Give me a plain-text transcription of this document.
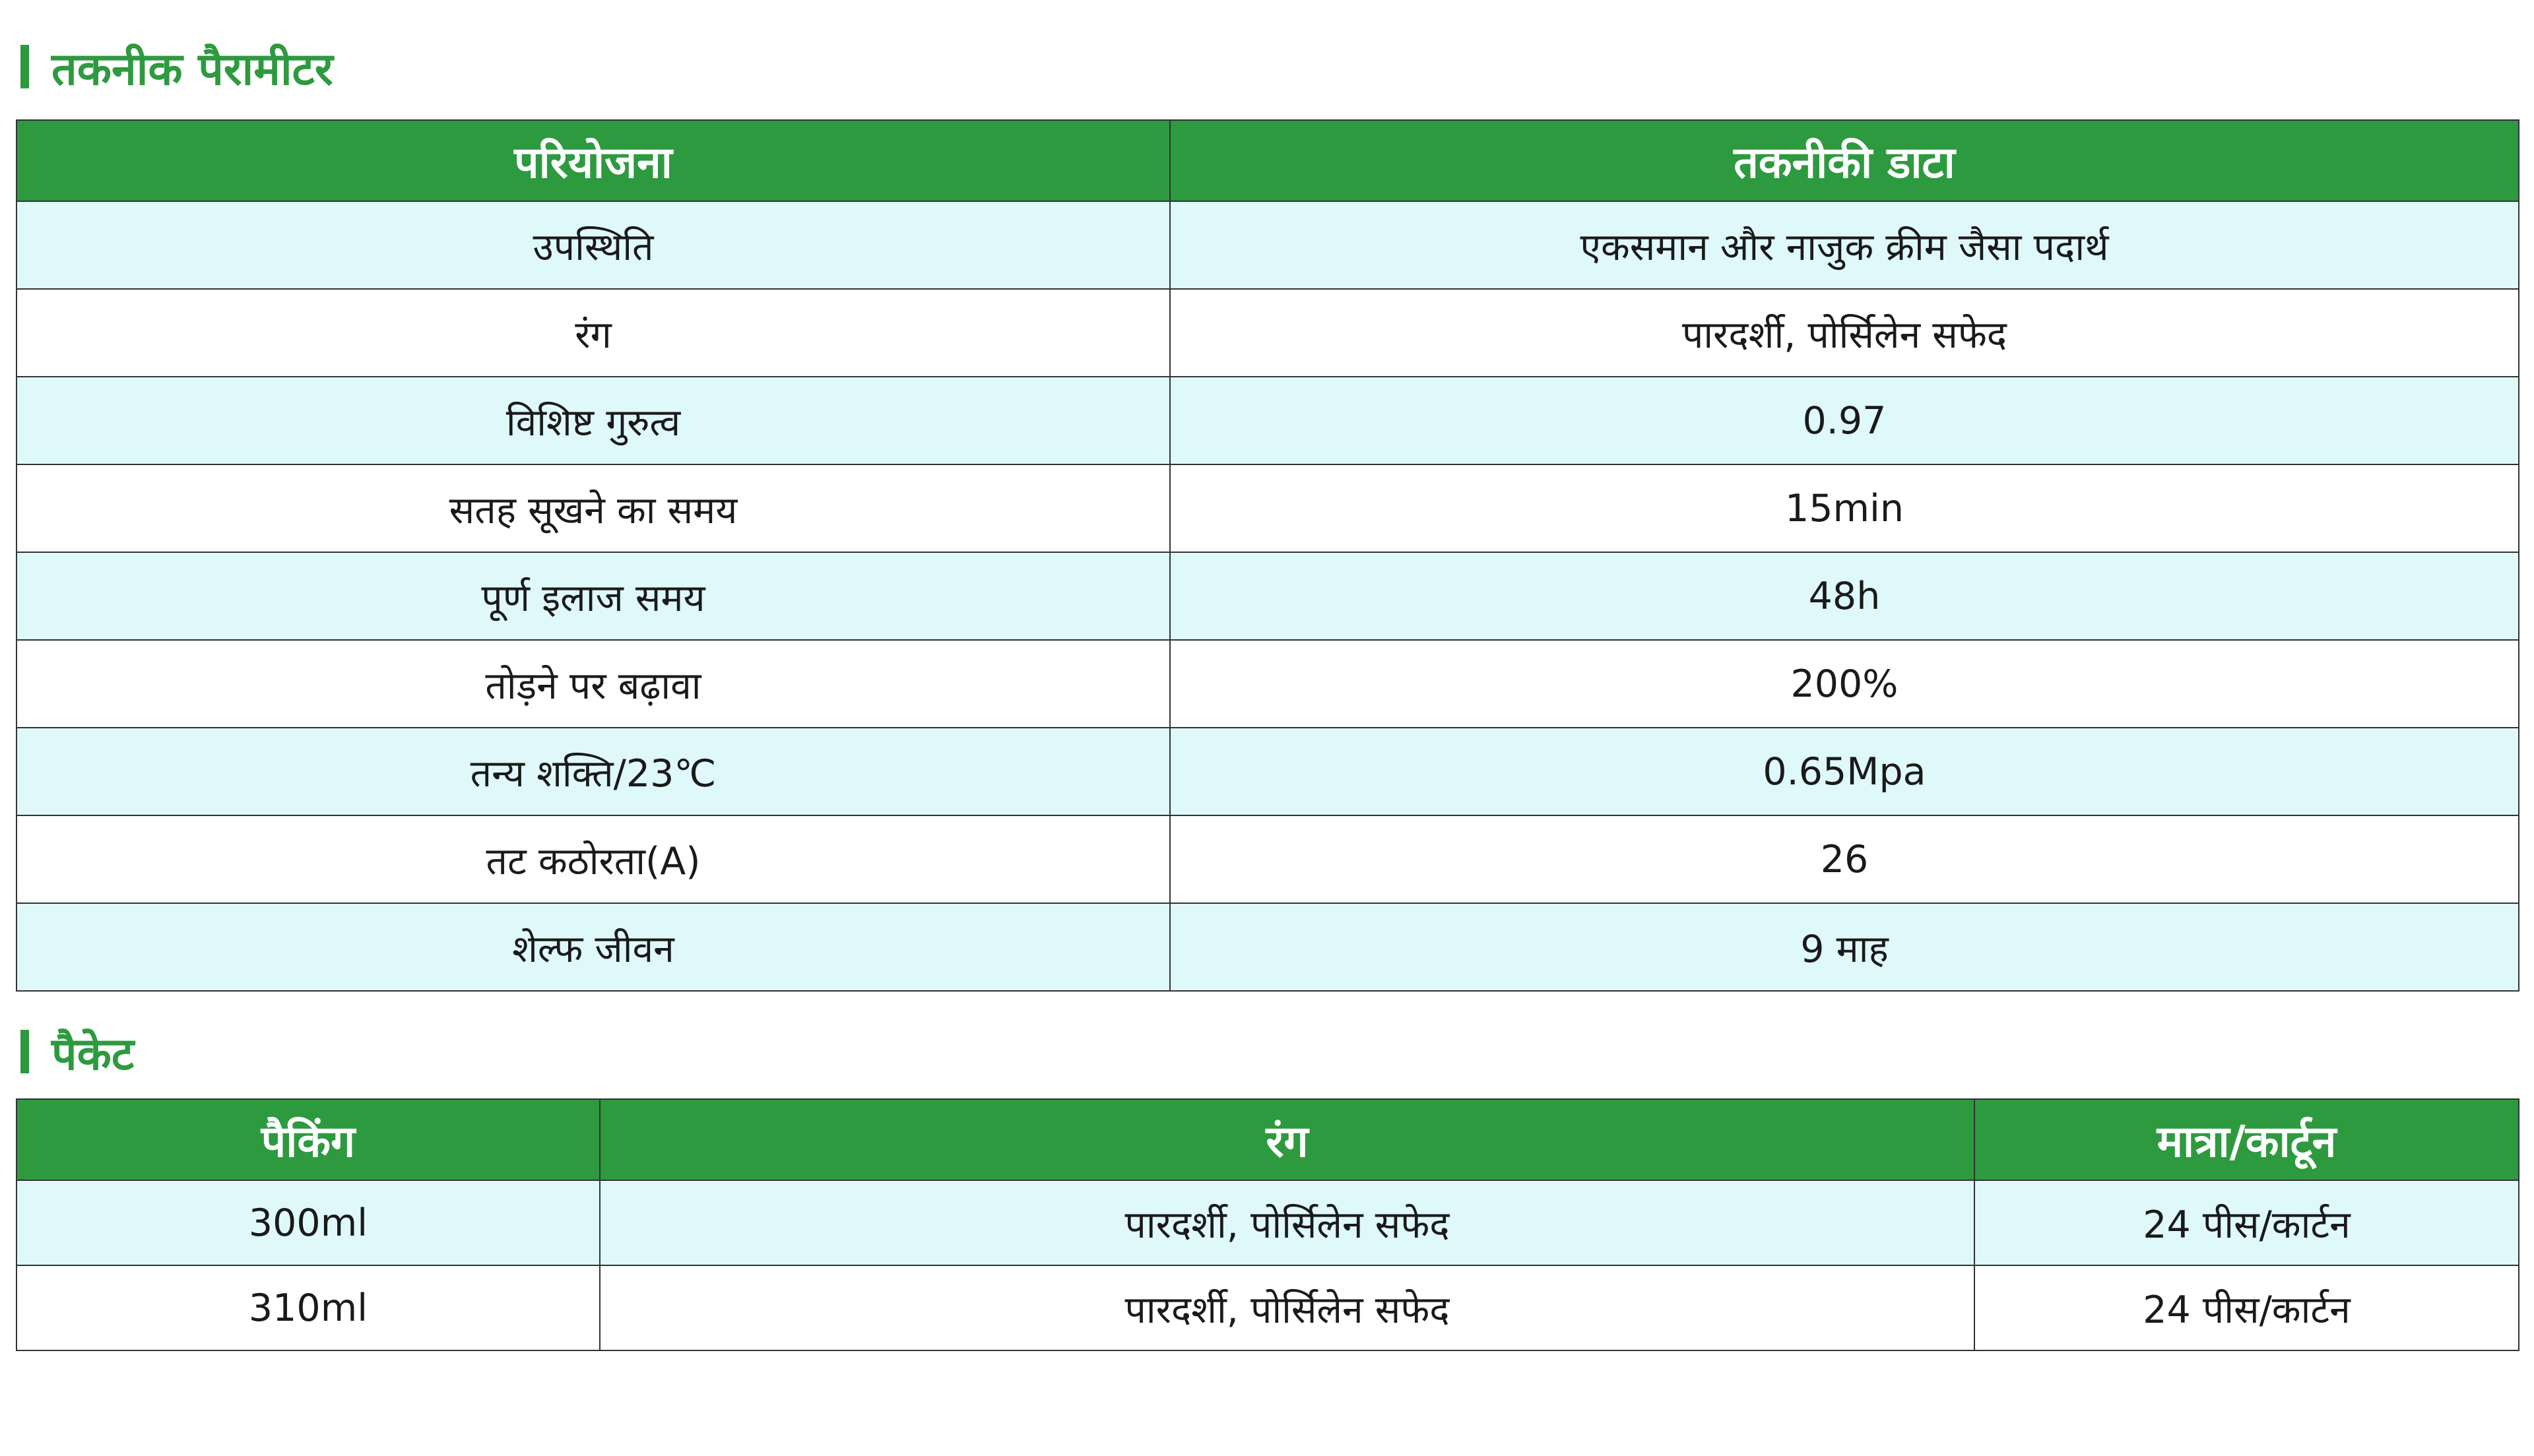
तकनीक पैरामीटर
परियोजना	तकनीकी डाटा
उपस्थिति	एकसमान और नाजुक क्रीम जैसा पदार्थ
रंग	पारदर्शी, पोर्सिलेन सफेद
विशिष्ट गुरुत्व	0.97
सतह सूखने का समय	15min
पूर्ण इलाज समय	48h
तोड़ने पर बढ़ावा	200%
तन्य शक्ति/23℃	0.65Mpa
तट कठोरता(A)	26
शेल्फ जीवन	9 माह
पैकेट
पैकिंग	रंग	मात्रा/कार्टून
300ml	पारदर्शी, पोर्सिलेन सफेद	24 पीस/कार्टन
310ml	पारदर्शी, पोर्सिलेन सफेद	24 पीस/कार्टन
